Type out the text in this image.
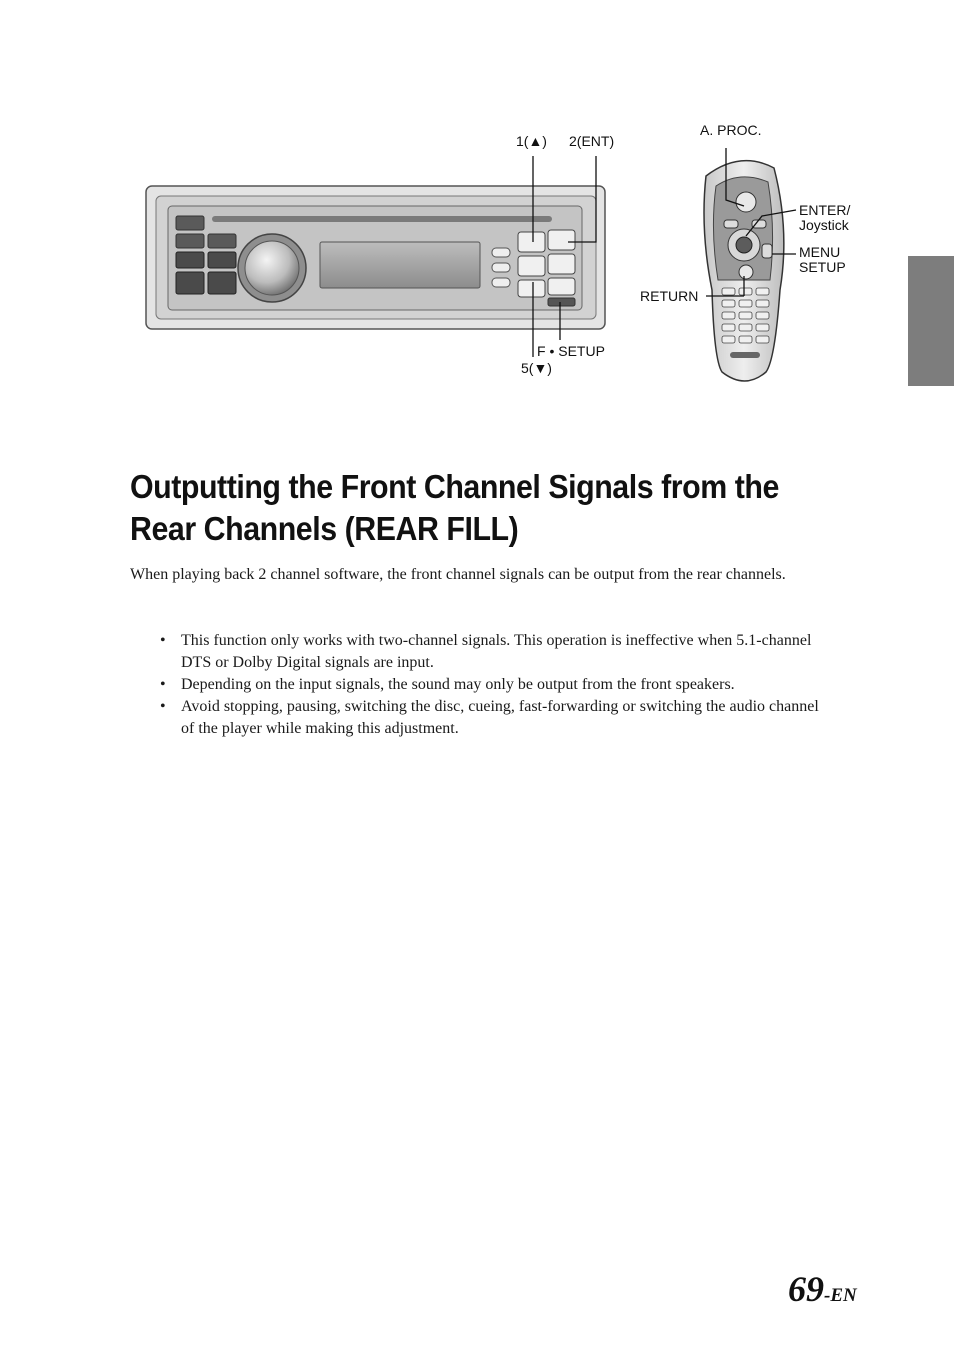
1(▲) 2(ENT)
F • SETUP
5(▼)
A. PROC.
ENTER/
Joystick
MENU
SETUP
RETURN
Outputting the Front Channel Signals from the Rear Channels (REAR FILL)

When playing back 2 channel software, the front channel signals can be output from the rear channels.

• This function only works with two-channel signals. This operation is ineffective when 5.1-channel DTS or Dolby Digital signals are input.
• Depending on the input signals, the sound may only be output from the front speakers.
• Avoid stopping, pausing, switching the disc, cueing, fast-forwarding or switching the audio channel of the player while making this adjustment.
69-EN
